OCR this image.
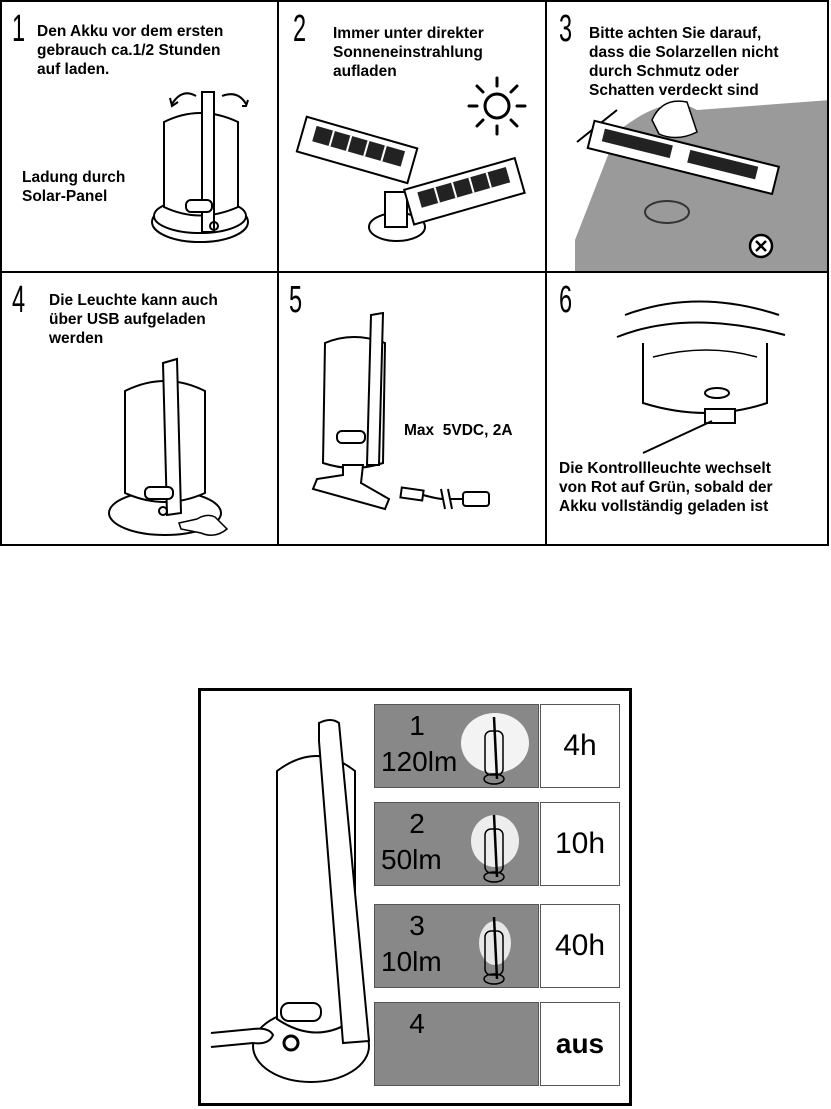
1 Den Akku vor dem ersten
gebrauch ca.1/2 Stunden
auf laden.
Ladung durch
Solar-Panel
2 Immer unter direkter
Sonneneinstrahlung
aufladen
3 Bitte achten Sie darauf,
dass die Solarzellen nicht
durch Schmutz oder
Schatten verdeckt sind
4 Die Leuchte kann auch
über USB aufgeladen
werden
5
Max  5VDC, 2A
6
Die Kontrollleuchte wechselt
von Rot auf Grün, sobald der
Akku vollständig geladen ist
1
120lm	4h
2
50lm	10h
3
10lm	40h
4
aus
